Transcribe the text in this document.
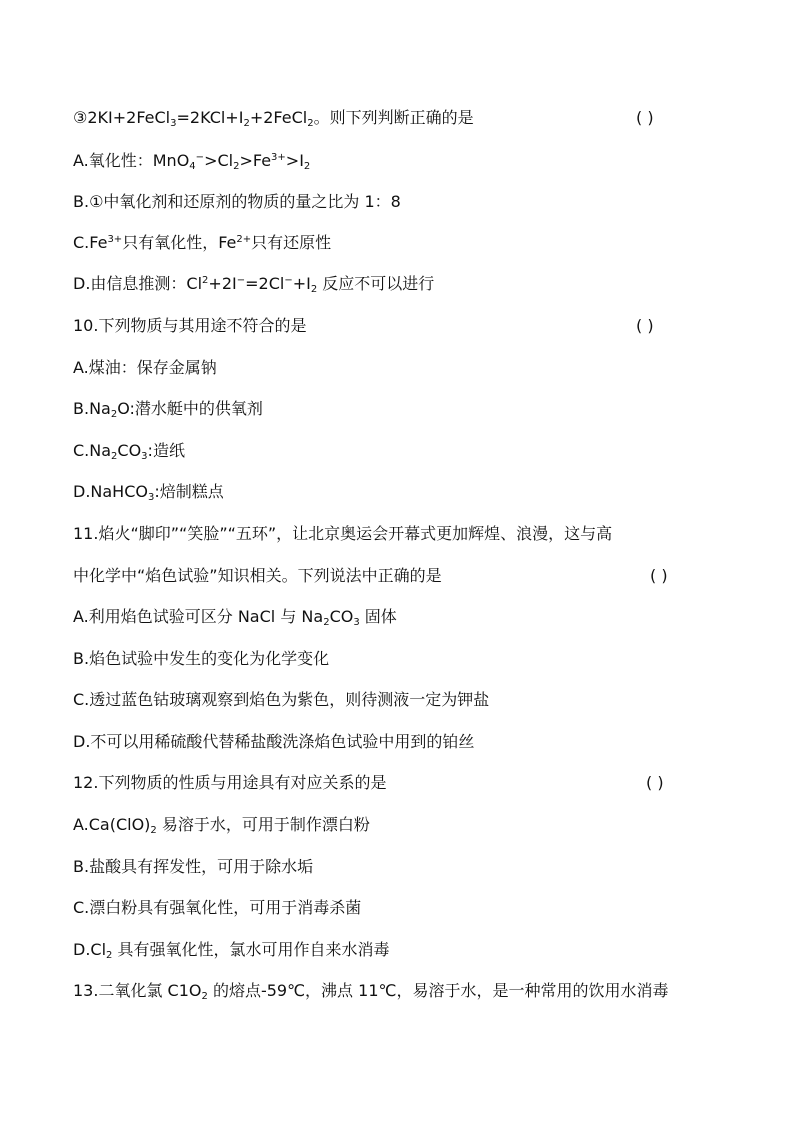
$③2KI+2FeCl_3=2KCl+I_2+2FeCl_2$。则下列判断正确的是	( )
A.氧化性：$MnO_4^->Cl_2>Fe^{3+}>I_2$
B.①中氧化剂和还原剂的物质的量之比为 1：8
$C.Fe^{3+}$只有氧化性，$Fe^{2+}$只有还原性
D.由信息推测：$Cl^2+2I^-=2Cl^-+I_2$ 反应不可以进行
10.下列物质与其用途不符合的是	( )
A.煤油：保存金属钠
$B.Na_2O$:潜水艇中的供氧剂
$C.Na_2CO_3$:造纸
D.NaHCO$_3$:焙制糕点
11.焰火“脚印”“笑脸”“五环”，让北京奥运会开幕式更加辉煌、浪漫，这与高
中化学中“焰色试验”知识相关。下列说法中正确的是	( )
A.利用焰色试验可区分 NaCl 与 $Na_2CO_3$ 固体
B.焰色试验中发生的变化为化学变化
C.透过蓝色钴玻璃观察到焰色为紫色，则待测液一定为钾盐
D.不可以用稀硫酸代替稀盐酸洗涤焰色试验中用到的铂丝
12.下列物质的性质与用途具有对应关系的是	( )
$A.Ca(ClO)_2$ 易溶于水，可用于制作漂白粉
B.盐酸具有挥发性，可用于除水垢
C.漂白粉具有强氧化性，可用于消毒杀菌
$D.Cl_2$ 具有强氧化性，氯水可用作自来水消毒
13.二氧化氯 $C1O_2$ 的熔点-59℃，沸点 11℃，易溶于水，是一种常用的饮用水消毒
